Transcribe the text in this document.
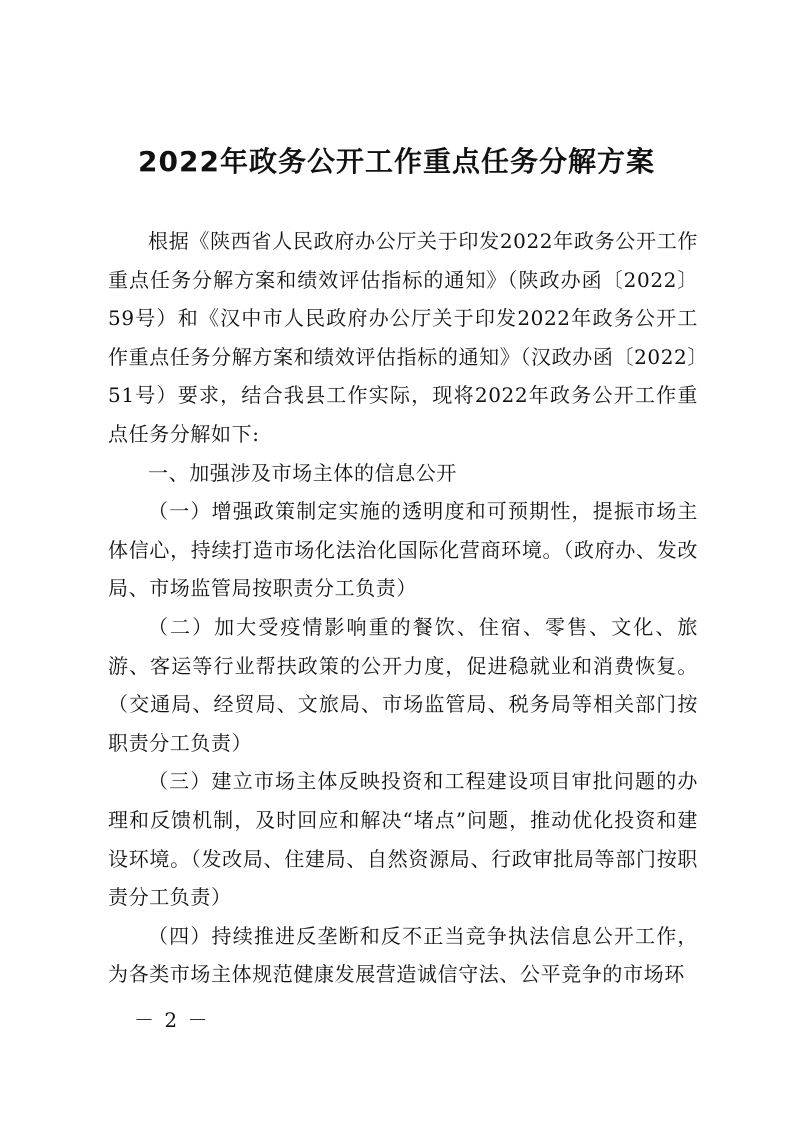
2022年政务公开工作重点任务分解方案

根据《陕西省人民政府办公厅关于印发2022年政务公开工作重点任务分解方案和绩效评估指标的通知》（陕政办函〔2022〕59号）和《汉中市人民政府办公厅关于印发2022年政务公开工作重点任务分解方案和绩效评估指标的通知》（汉政办函〔2022〕51号）要求，结合我县工作实际，现将2022年政务公开工作重点任务分解如下:

一、加强涉及市场主体的信息公开

（一）增强政策制定实施的透明度和可预期性，提振市场主体信心，持续打造市场化法治化国际化营商环境。（政府办、发改局、市场监管局按职责分工负责）

（二）加大受疫情影响重的餐饮、住宿、零售、文化、旅游、客运等行业帮扶政策的公开力度，促进稳就业和消费恢复。（交通局、经贸局、文旅局、市场监管局、税务局等相关部门按职责分工负责）

（三）建立市场主体反映投资和工程建设项目审批问题的办理和反馈机制，及时回应和解决“堵点”问题，推动优化投资和建设环境。（发改局、住建局、自然资源局、行政审批局等部门按职责分工负责）

（四）持续推进反垄断和反不正当竞争执法信息公开工作，为各类市场主体规范健康发展营造诚信守法、公平竞争的市场环

－ 2 －
